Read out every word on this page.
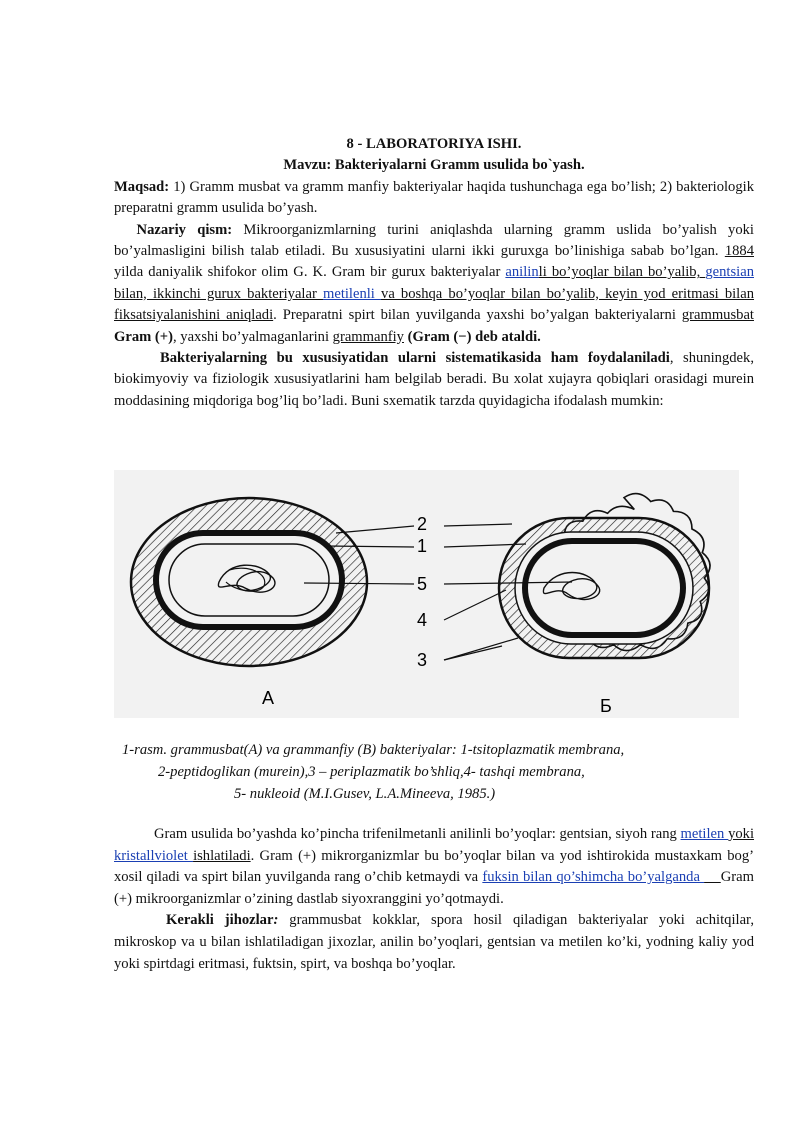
8 - LABORATORIYA ISHI.
Mavzu: Bakteriyalarni Gramm usulida bo`yash.

Maqsad: 1) Gramm musbat va gramm manfiy bakteriyalar haqida tushunchaga ega bo’lish; 2) bakteriologik preparatni gramm usulida bo’yash.

Nazariy qism: Mikroorganizmlarning turini aniqlashda ularning gramm uslida bo’yalish yoki bo’yalmasligini bilish talab etiladi. Bu xususiyatini ularni ikki guruxga bo’linishiga sabab bo’lgan. 1884 yilda daniyalik shifokor olim G. K. Gram bir gurux bakteriyalar anilinli bo’yoqlar bilan bo’yalib, gentsian bilan, ikkinchi gurux bakteriyalar metilenli va boshqa bo’yoqlar bilan bo’yalib, keyin yod eritmasi bilan fiksatsiyalanishini aniqladi. Preparatni spirt bilan yuvilganda yaxshi bo’yalgan bakteriyalarni grammusbat Gram (+), yaxshi bo’yalmaganlarini grammanfiy (Gram (−) deb ataldi.

Bakteriyalarning bu xususiyatidan ularni sistematikasida ham foydalaniladi, shuningdek, biokimyoviy va fiziologik xususiyatlarini ham belgilab beradi. Bu xolat xujayra qobiqlari orasidagi murein moddasining miqdoriga bog’liq bo’ladi. Buni sxematik tarzda quyidagicha ifodalash mumkin:

2
1
5
4
3
А	Б
1-rasm. grammusbat(A) va grammanfiy (B) bakteriyalar: 1-tsitoplazmatik membrana,
2-peptidoglikan (murein),3 – periplazmatik bo’shliq,4- tashqi membrana,
5- nukleoid (M.I.Gusev, L.A.Mineeva, 1985.)

Gram usulida bo’yashda ko’pincha trifenilmetanli anilinli bo’yoqlar: gentsian, siyoh rang metilen yoki kristallviolet ishlatiladi. Gram (+) mikrorganizmlar bu bo’yoqlar bilan va yod ishtirokida mustaxkam bog’ xosil qiladi va spirt bilan yuvilganda rang o’chib ketmaydi va fuksin bilan qo’shimcha bo’yalganda     Gram (+) mikroorganizmlar o’zining dastlab siyoxranggini yo’qotmaydi.

Kerakli jihozlar: grammusbat kokklar, spora hosil qiladigan bakteriyalar yoki achitqilar, mikroskop va u bilan ishlatiladigan jixozlar, anilin bo’yoqlari, gentsian va metilen ko’ki, yodning kaliy yod yoki spirtdagi eritmasi, fuktsin, spirt, va boshqa bo’yoqlar.
